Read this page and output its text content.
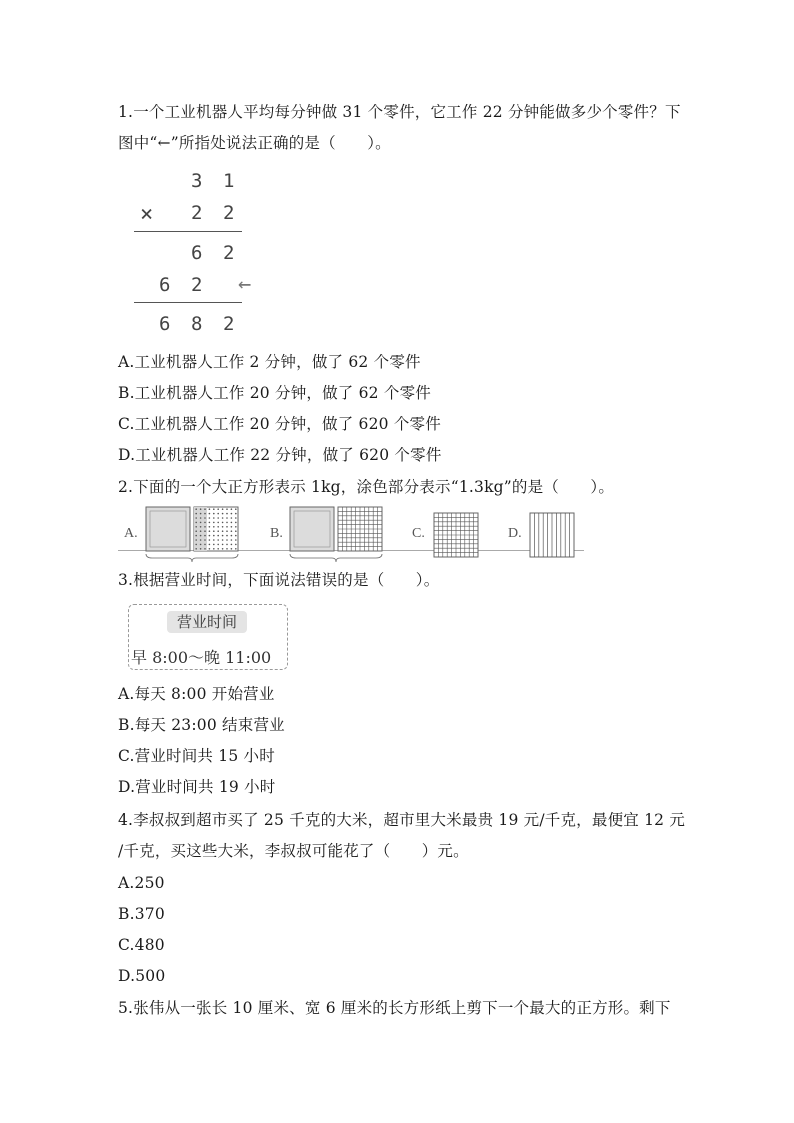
1.一个工业机器人平均每分钟做 31 个零件，它工作 22 分钟能做多少个零件？下
图中“←”所指处说法正确的是（　　）。
3 1
× 2 2
6 2
6 2 ←
6 8 2
A.工业机器人工作 2 分钟，做了 62 个零件
B.工业机器人工作 20 分钟，做了 62 个零件
C.工业机器人工作 20 分钟，做了 620 个零件
D.工业机器人工作 22 分钟，做了 620 个零件
2.下面的一个大正方形表示 1kg，涂色部分表示“1.3kg”的是（　　）。
A.	B.	C.	D.
3.根据营业时间，下面说法错误的是（　　）。
营业时间
早 8:00～晚 11:00
A.每天 8:00 开始营业
B.每天 23:00 结束营业
C.营业时间共 15 小时
D.营业时间共 19 小时
4.李叔叔到超市买了 25 千克的大米，超市里大米最贵 19 元/千克，最便宜 12 元
/千克，买这些大米，李叔叔可能花了（　　）元。
A.250
B.370
C.480
D.500
5.张伟从一张长 10 厘米、宽 6 厘米的长方形纸上剪下一个最大的正方形。剩下
